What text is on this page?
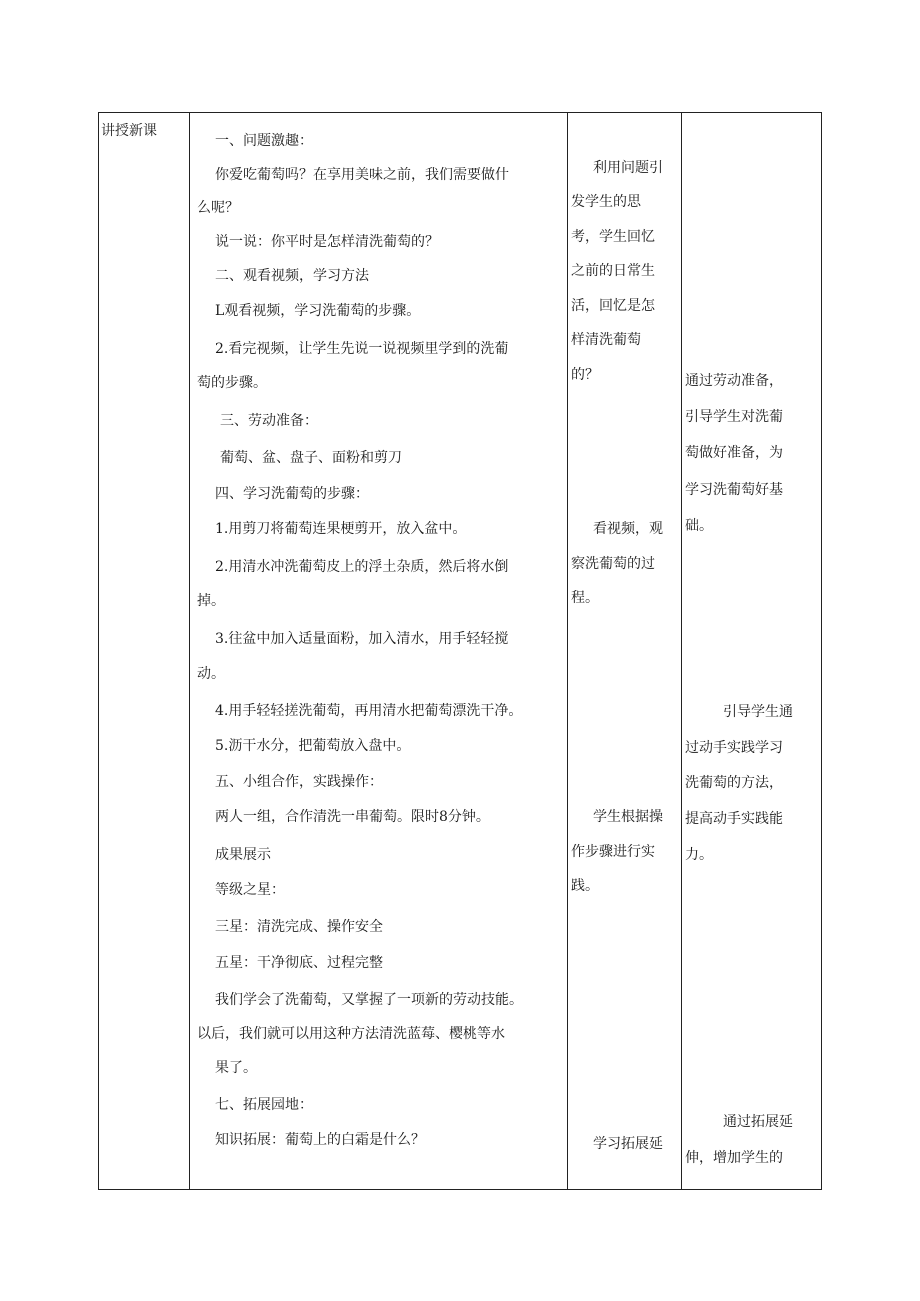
讲授新课
一、问题激趣：
你爱吃葡萄吗？在享用美味之前，我们需要做什
么呢？
说一说：你平时是怎样清洗葡萄的？
二、观看视频，学习方法
L观看视频，学习洗葡萄的步骤。
2.看完视频，让学生先说一说视频里学到的洗葡
萄的步骤。
三、劳动准备：
葡萄、盆、盘子、面粉和剪刀
四、学习洗葡萄的步骤：
1.用剪刀将葡萄连果梗剪开，放入盆中。
2.用清水冲洗葡萄皮上的浮土杂质，然后将水倒
掉。
3.往盆中加入适量面粉，加入清水，用手轻轻搅
动。
4.用手轻轻搓洗葡萄，再用清水把葡萄漂洗干净。
5.沥干水分，把葡萄放入盘中。
五、小组合作，实践操作：
两人一组，合作清洗一串葡萄。限时8分钟。
成果展示
等级之星：
三星：清洗完成、操作安全
五星：干净彻底、过程完整
我们学会了洗葡萄，又掌握了一项新的劳动技能。
以后，我们就可以用这种方法清洗蓝莓、樱桃等水
果了。
七、拓展园地：
知识拓展：葡萄上的白霜是什么？
利用问题引
发学生的思
考，学生回忆
之前的日常生
活，回忆是怎
样清洗葡萄
的？
看视频，观
察洗葡萄的过
程。
学生根据操
作步骤进行实
践。
学习拓展延
通过劳动准备，
引导学生对洗葡
萄做好准备，为
学习洗葡萄好基
础。
引导学生通
过动手实践学习
洗葡萄的方法，
提高动手实践能
力。
通过拓展延
伸，增加学生的
